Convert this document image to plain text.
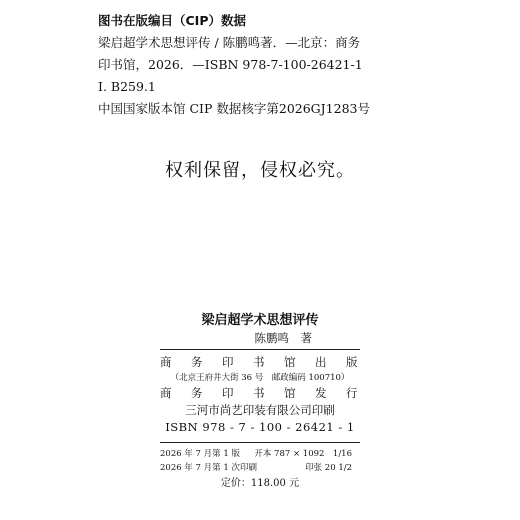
图书在版编目（CIP）数据
梁启超学术思想评传 / 陈鹏鸣著．—北京：商务
印书馆，2026．—ISBN 978-7-100-26421-1
Ⅰ. B259.1
中国国家版本馆 CIP 数据核字第2026GJ1283号
权利保留，侵权必究。
梁启超学术思想评传
陈鹏鸣　著
商　务　印　书　馆　出　版
（北京王府井大街 36 号　邮政编码 100710）
商　务　印　书　馆　发　行
三河市尚艺印装有限公司印刷
ISBN 978 - 7 - 100 - 26421 - 1
2026 年 7 月第 1 版 开本 787 × 1092　1/16
2026 年 7 月第 1 次印刷	印张 20 1/2
定价：118.00 元
